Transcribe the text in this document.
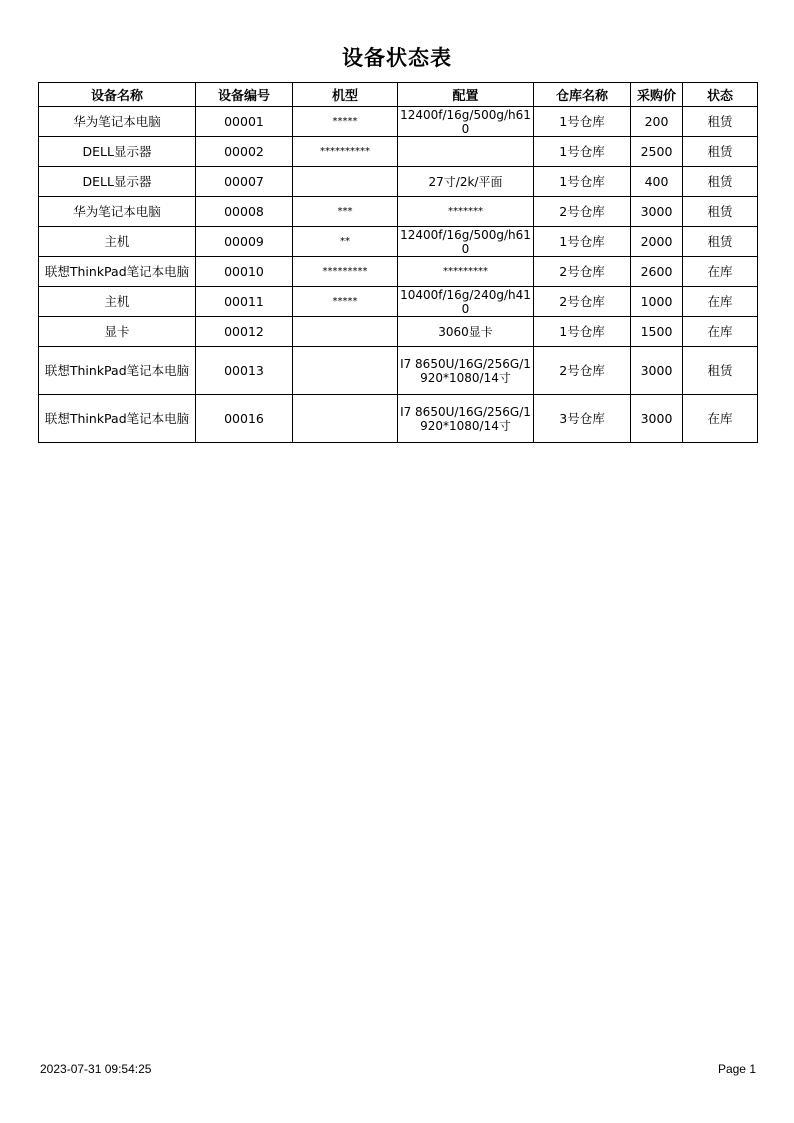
设备状态表
设备名称	设备编号	机型	配置	仓库名称	采购价	状态
华为笔记本电脑	00001	*****	12400f/16g/500g/h610	1号仓库	200	租赁
DELL显示器	00002	**********		1号仓库	2500	租赁
DELL显示器	00007		27寸/2k/平面	1号仓库	400	租赁
华为笔记本电脑	00008	***	*******	2号仓库	3000	租赁
主机	00009	**	12400f/16g/500g/h610	1号仓库	2000	租赁
联想ThinkPad笔记本电脑	00010	*********	*********	2号仓库	2600	在库
主机	00011	*****	10400f/16g/240g/h410	2号仓库	1000	在库
显卡	00012		3060显卡	1号仓库	1500	在库
联想ThinkPad笔记本电脑	00013		I7 8650U/16G/256G/1920*1080/14寸	2号仓库	3000	租赁
联想ThinkPad笔记本电脑	00016		I7 8650U/16G/256G/1920*1080/14寸	3号仓库	3000	在库
2023-07-31 09:54:25	Page 1
